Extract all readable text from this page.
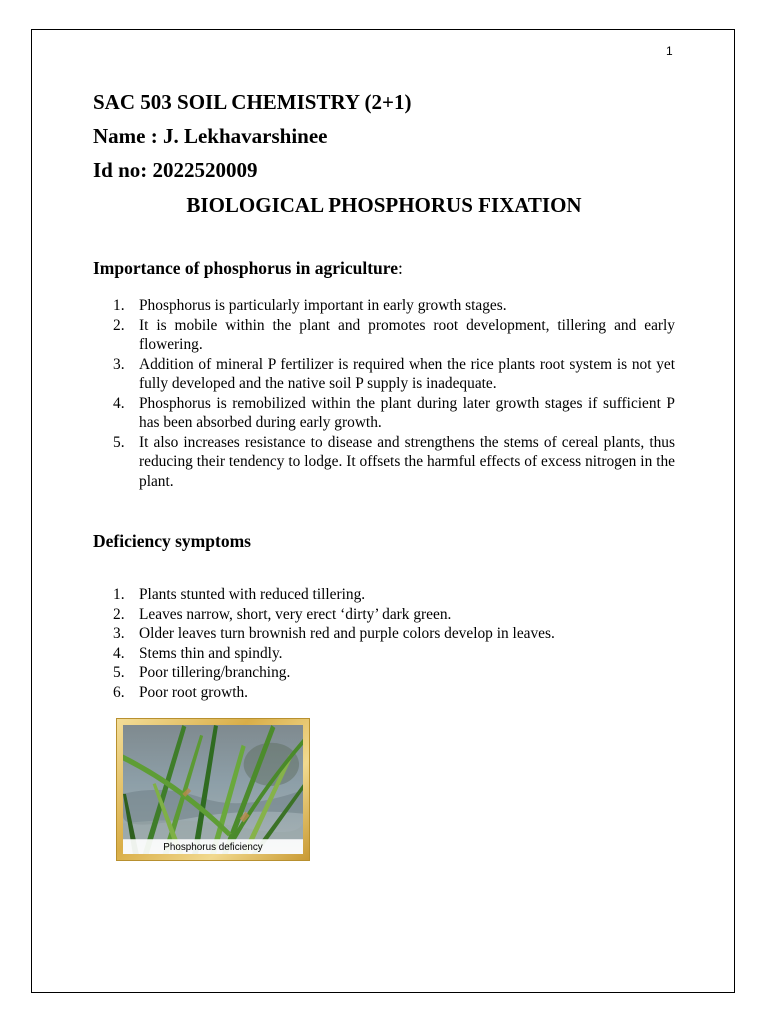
1
SAC 503 SOIL CHEMISTRY (2+1)
Name : J. Lekhavarshinee
Id no: 2022520009
BIOLOGICAL PHOSPHORUS FIXATION
Importance of phosphorus in agriculture:
1. Phosphorus is particularly important in early growth stages.
2. It is mobile within the plant and promotes root development, tillering and early flowering.
3. Addition of mineral P fertilizer is required when the rice plants root system is not yet fully developed and the native soil P supply is inadequate.
4. Phosphorus is remobilized within the plant during later growth stages if sufficient P has been absorbed during early growth.
5. It also increases resistance to disease and strengthens the stems of cereal plants, thus reducing their tendency to lodge. It offsets the harmful effects of excess nitrogen in the plant.
Deficiency symptoms
1. Plants stunted with reduced tillering.
2. Leaves narrow, short, very erect ‘dirty’ dark green.
3. Older leaves turn brownish red and purple colors develop in leaves.
4. Stems thin and spindly.
5. Poor tillering/branching.
6. Poor root growth.
Phosphorus deficiency
